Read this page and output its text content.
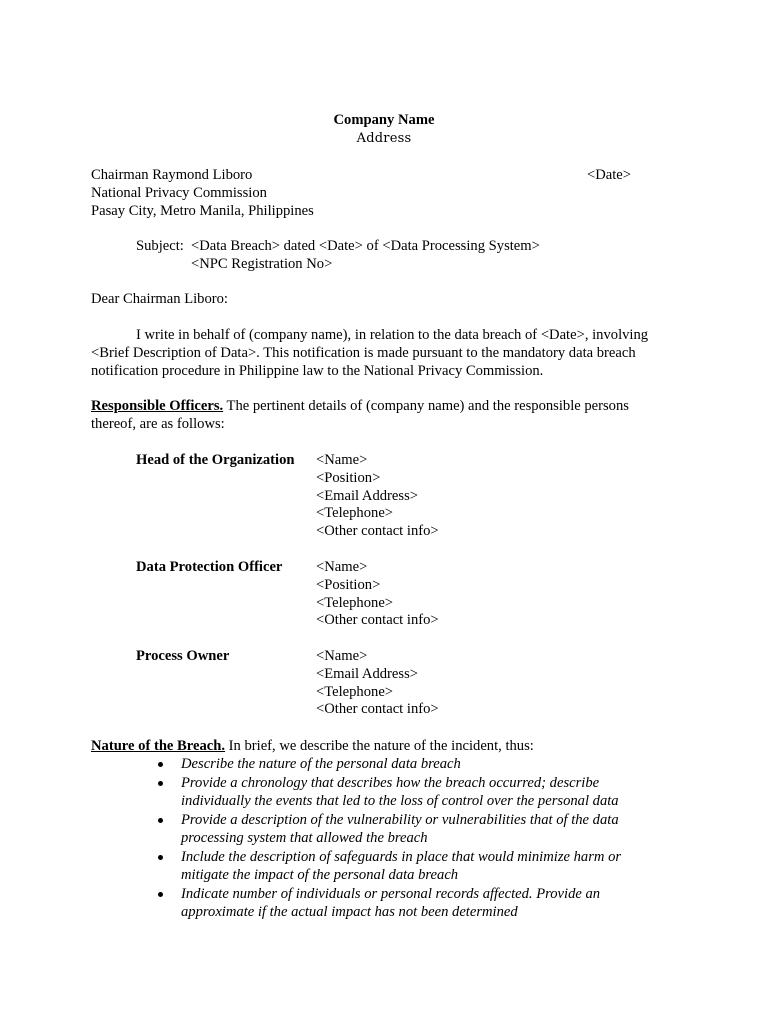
Company Name
Address
Chairman Raymond Liboro
National Privacy Commission
Pasay City, Metro Manila, Philippines
<Date>
Subject: <Data Breach> dated <Date> of <Data Processing System>
<NPC Registration No>
Dear Chairman Liboro:
I write in behalf of (company name), in relation to the data breach of <Date>, involving
<Brief Description of Data>. This notification is made pursuant to the mandatory data breach
notification procedure in Philippine law to the National Privacy Commission.
Responsible Officers. The pertinent details of (company name) and the responsible persons
thereof, are as follows:
Head of the Organization <Name>
<Position>
<Email Address>
<Telephone>
<Other contact info>
Data Protection Officer <Name>
<Position>
<Telephone>
<Other contact info>
Process Owner	<Name>
<Email Address>
<Telephone>
<Other contact info>
Nature of the Breach. In brief, we describe the nature of the incident, thus:
Describe the nature of the personal data breach
Provide a chronology that describes how the breach occurred; describe
individually the events that led to the loss of control over the personal data
Provide a description of the vulnerability or vulnerabilities that of the data
processing system that allowed the breach
Include the description of safeguards in place that would minimize harm or
mitigate the impact of the personal data breach
Indicate number of individuals or personal records affected. Provide an
approximate if the actual impact has not been determined
